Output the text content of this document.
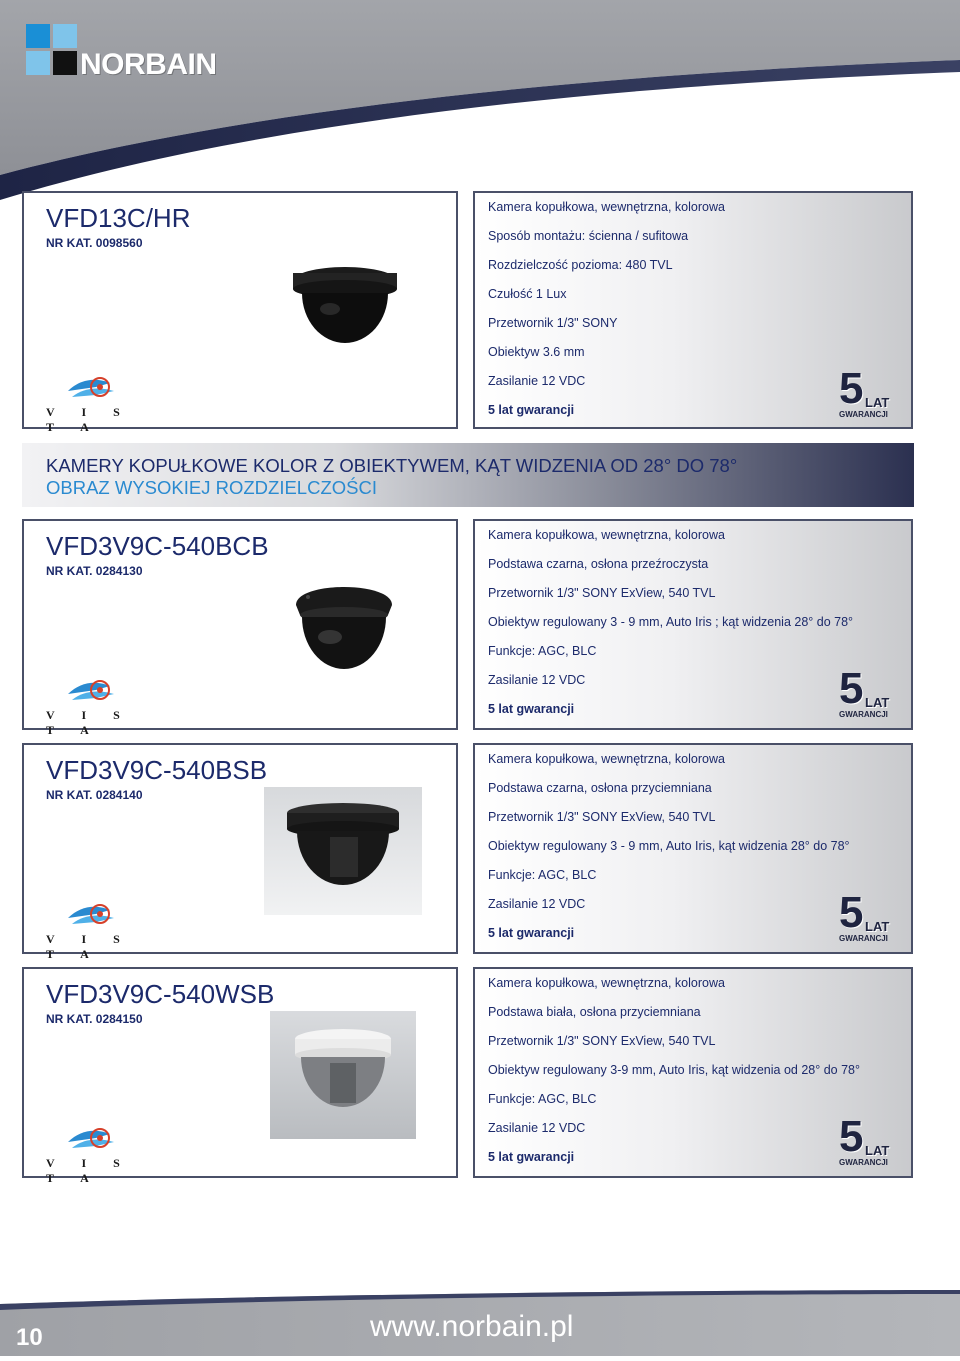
NORBAIN
VFD13C/HR
NR KAT. 0098560
V I S T A
Kamera kopułkowa, wewnętrzna, kolorowa
Sposób montażu: ścienna / sufitowa
Rozdzielczość pozioma: 480 TVL
Czułość 1 Lux
Przetwornik 1/3" SONY
Obiektyw 3.6 mm
Zasilanie 12 VDC
5 lat gwarancji	5 LAT
GWARANCJI
KAMERY KOPUŁKOWE KOLOR Z OBIEKTYWEM, KĄT WIDZENIA OD 28° DO 78°
OBRAZ WYSOKIEJ ROZDZIELCZOŚCI
VFD3V9C-540BCB
NR KAT. 0284130
V I S T A
Kamera kopułkowa, wewnętrzna, kolorowa
Podstawa czarna, osłona przeźroczysta
Przetwornik 1/3" SONY ExView, 540 TVL
Obiektyw regulowany 3 - 9 mm, Auto Iris ; kąt widzenia 28° do 78°
Funkcje: AGC, BLC
Zasilanie 12 VDC
5 lat gwarancji	5 LAT
GWARANCJI
VFD3V9C-540BSB
NR KAT. 0284140
V I S T A
Kamera kopułkowa, wewnętrzna, kolorowa
Podstawa czarna, osłona przyciemniana
Przetwornik 1/3" SONY ExView, 540 TVL
Obiektyw regulowany 3 - 9 mm, Auto Iris, kąt widzenia 28° do 78°
Funkcje: AGC, BLC
Zasilanie 12 VDC
5 lat gwarancji	5 LAT
GWARANCJI
VFD3V9C-540WSB
NR KAT. 0284150
V I S T A
Kamera kopułkowa, wewnętrzna, kolorowa
Podstawa biała, osłona przyciemniana
Przetwornik 1/3" SONY ExView, 540 TVL
Obiektyw regulowany 3-9 mm, Auto Iris, kąt widzenia od 28° do 78°
Funkcje: AGC, BLC
Zasilanie 12 VDC
5 lat gwarancji	5 LAT
GWARANCJI
10	www.norbain.pl
